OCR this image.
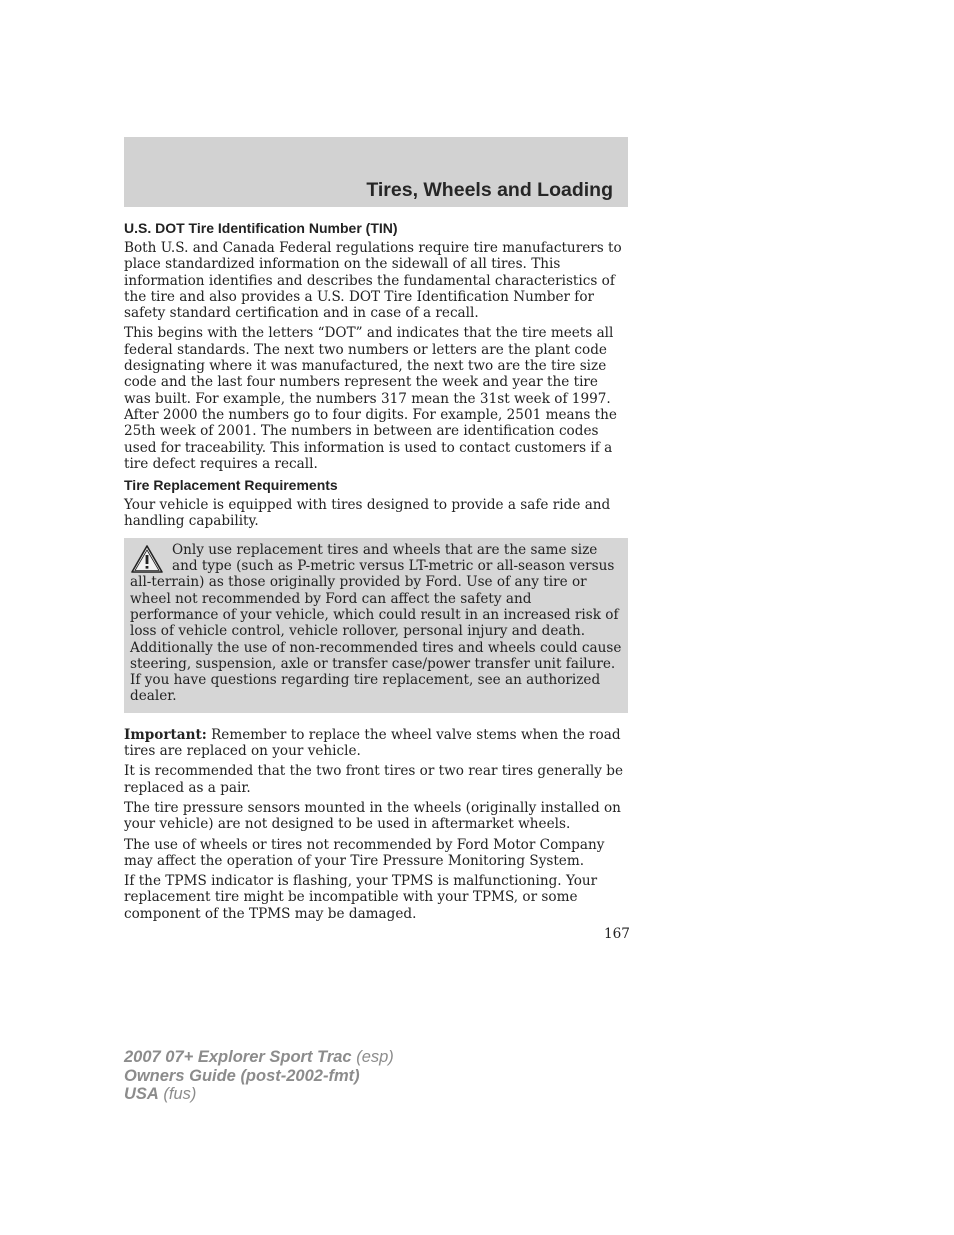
Tires, Wheels and Loading
U.S. DOT Tire Identification Number (TIN)

Both U.S. and Canada Federal regulations require tire manufacturers to place standardized information on the sidewall of all tires. This information identifies and describes the fundamental characteristics of the tire and also provides a U.S. DOT Tire Identification Number for safety standard certification and in case of a recall.

This begins with the letters “DOT” and indicates that the tire meets all federal standards. The next two numbers or letters are the plant code designating where it was manufactured, the next two are the tire size code and the last four numbers represent the week and year the tire was built. For example, the numbers 317 mean the 31st week of 1997. After 2000 the numbers go to four digits. For example, 2501 means the 25th week of 2001. The numbers in between are identification codes used for traceability. This information is used to contact customers if a tire defect requires a recall.

Tire Replacement Requirements

Your vehicle is equipped with tires designed to provide a safe ride and handling capability.

Only use replacement tires and wheels that are the same size and type (such as P-metric versus LT-metric or all-season versus all-terrain) as those originally provided by Ford. Use of any tire or wheel not recommended by Ford can affect the safety and performance of your vehicle, which could result in an increased risk of loss of vehicle control, vehicle rollover, personal injury and death. Additionally the use of non-recommended tires and wheels could cause steering, suspension, axle or transfer case/power transfer unit failure. If you have questions regarding tire replacement, see an authorized dealer.

Important: Remember to replace the wheel valve stems when the road tires are replaced on your vehicle.

It is recommended that the two front tires or two rear tires generally be replaced as a pair.

The tire pressure sensors mounted in the wheels (originally installed on your vehicle) are not designed to be used in aftermarket wheels.

The use of wheels or tires not recommended by Ford Motor Company may affect the operation of your Tire Pressure Monitoring System.

If the TPMS indicator is flashing, your TPMS is malfunctioning. Your replacement tire might be incompatible with your TPMS, or some component of the TPMS may be damaged.

167
2007 07+ Explorer Sport Trac (esp)
Owners Guide (post-2002-fmt)
USA (fus)
